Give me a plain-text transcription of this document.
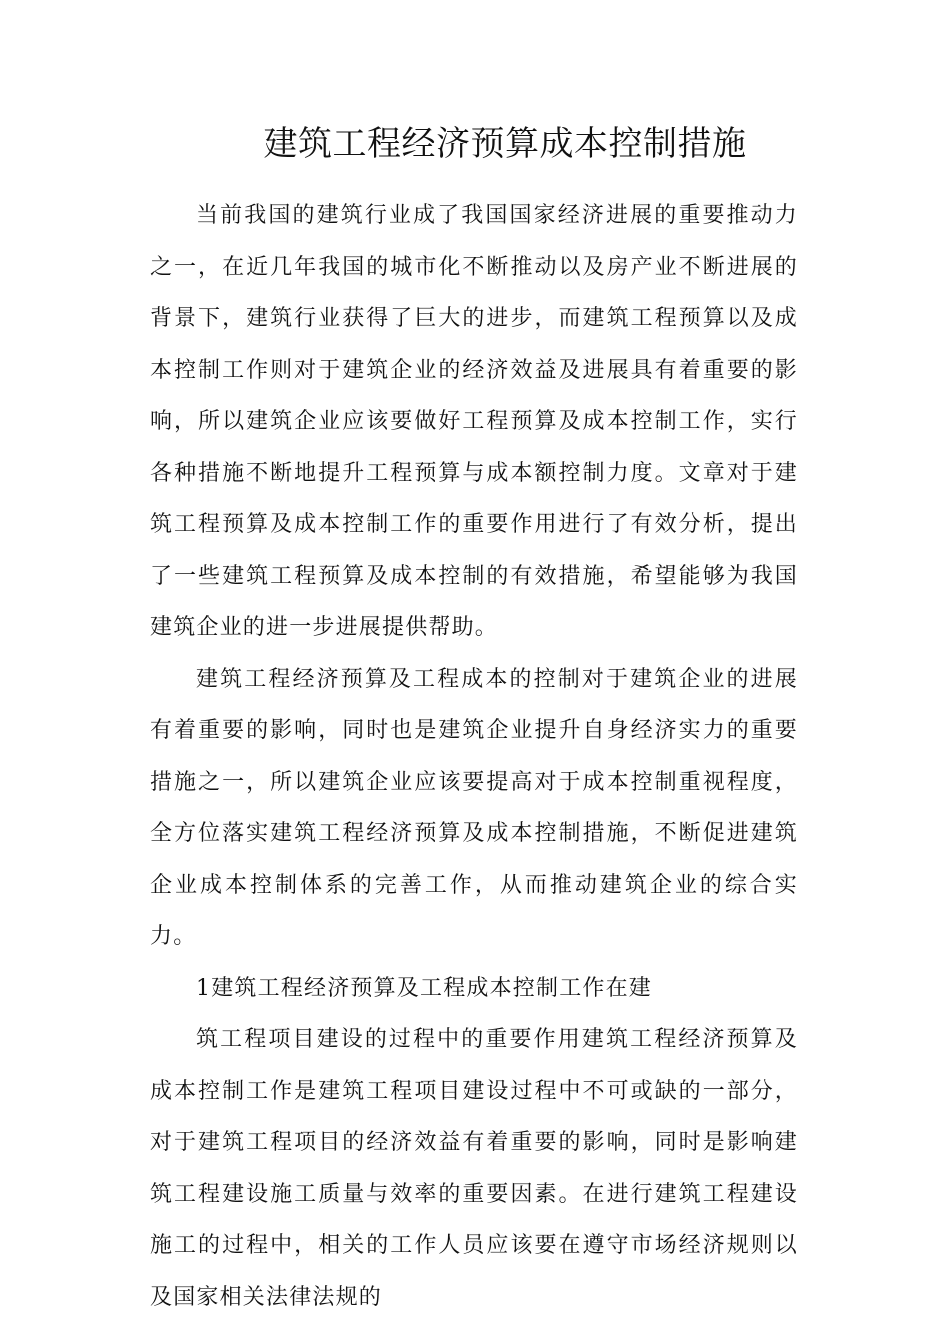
建筑工程经济预算成本控制措施

当前我国的建筑行业成了我国国家经济进展的重要推动力之一，在近几年我国的城市化不断推动以及房产业不断进展的背景下，建筑行业获得了巨大的进步，而建筑工程预算以及成本控制工作则对于建筑企业的经济效益及进展具有着重要的影响，所以建筑企业应该要做好工程预算及成本控制工作，实行各种措施不断地提升工程预算与成本额控制力度。文章对于建筑工程预算及成本控制工作的重要作用进行了有效分析，提出了一些建筑工程预算及成本控制的有效措施，希望能够为我国建筑企业的进一步进展提供帮助。

建筑工程经济预算及工程成本的控制对于建筑企业的进展有着重要的影响，同时也是建筑企业提升自身经济实力的重要措施之一，所以建筑企业应该要提高对于成本控制重视程度，全方位落实建筑工程经济预算及成本控制措施，不断促进建筑企业成本控制体系的完善工作，从而推动建筑企业的综合实力。

1建筑工程经济预算及工程成本控制工作在建

筑工程项目建设的过程中的重要作用建筑工程经济预算及成本控制工作是建筑工程项目建设过程中不可或缺的一部分，对于建筑工程项目的经济效益有着重要的影响，同时是影响建筑工程建设施工质量与效率的重要因素。在进行建筑工程建设施工的过程中，相关的工作人员应该要在遵守市场经济规则以及国家相关法律法规的
